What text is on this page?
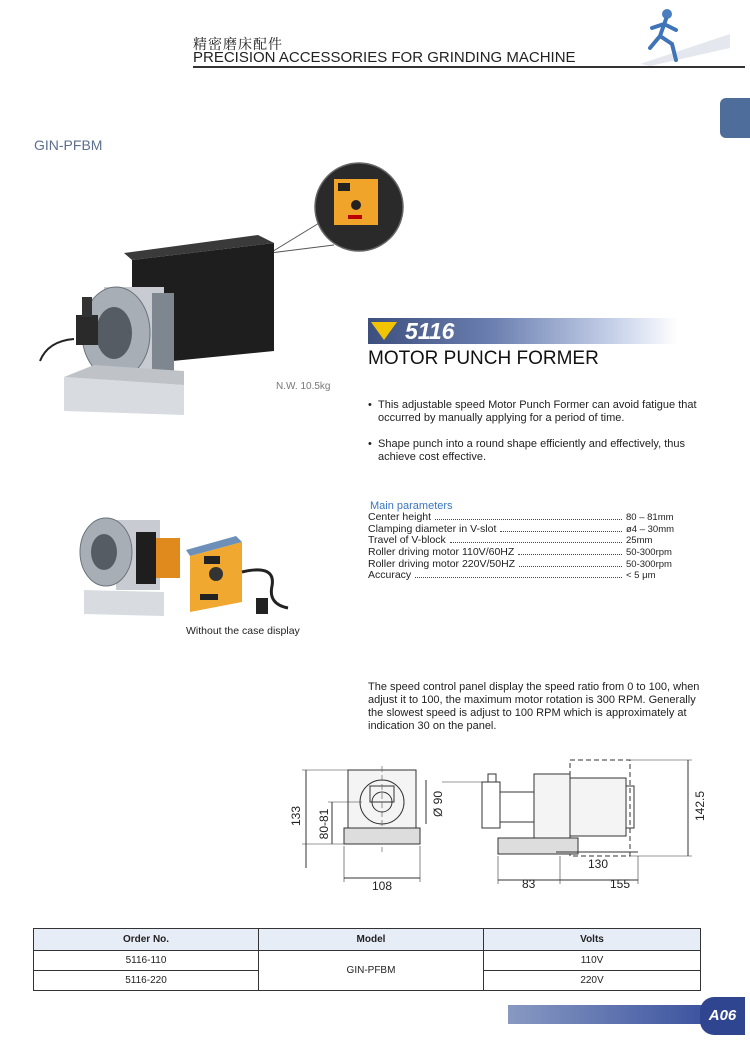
精密磨床配件
PRECISION ACCESSORIES FOR GRINDING MACHINE
GIN-PFBM
N.W. 10.5kg
5116
MOTOR PUNCH FORMER
• This adjustable speed Motor Punch Former can avoid fatigue that occurred by manually applying for a period of time.
• Shape punch into a round shape efficiently and effectively, thus achieve cost effective.
Main parameters
Center height	80 – 81mm
Clamping diameter in V-slot	ø4 – 30mm
Travel of V-block	25mm
Roller driving motor 110V/60HZ	50-300rpm
Roller driving motor 220V/50HZ	50-300rpm
Accuracy	< 5 μm
Without the case display
The speed control panel display the speed ratio from 0 to 100, when adjust it to 100, the maximum motor rotation is 300 RPM. Generally the slowest speed is adjust to 100 RPM which is approximately at indication 30 on the panel.
133 80-81
Ø 90
108
130
83	155
142.5
Order No.	Model	Volts
5116-110	GIN-PFBM	110V
5116-220		220V
A06
